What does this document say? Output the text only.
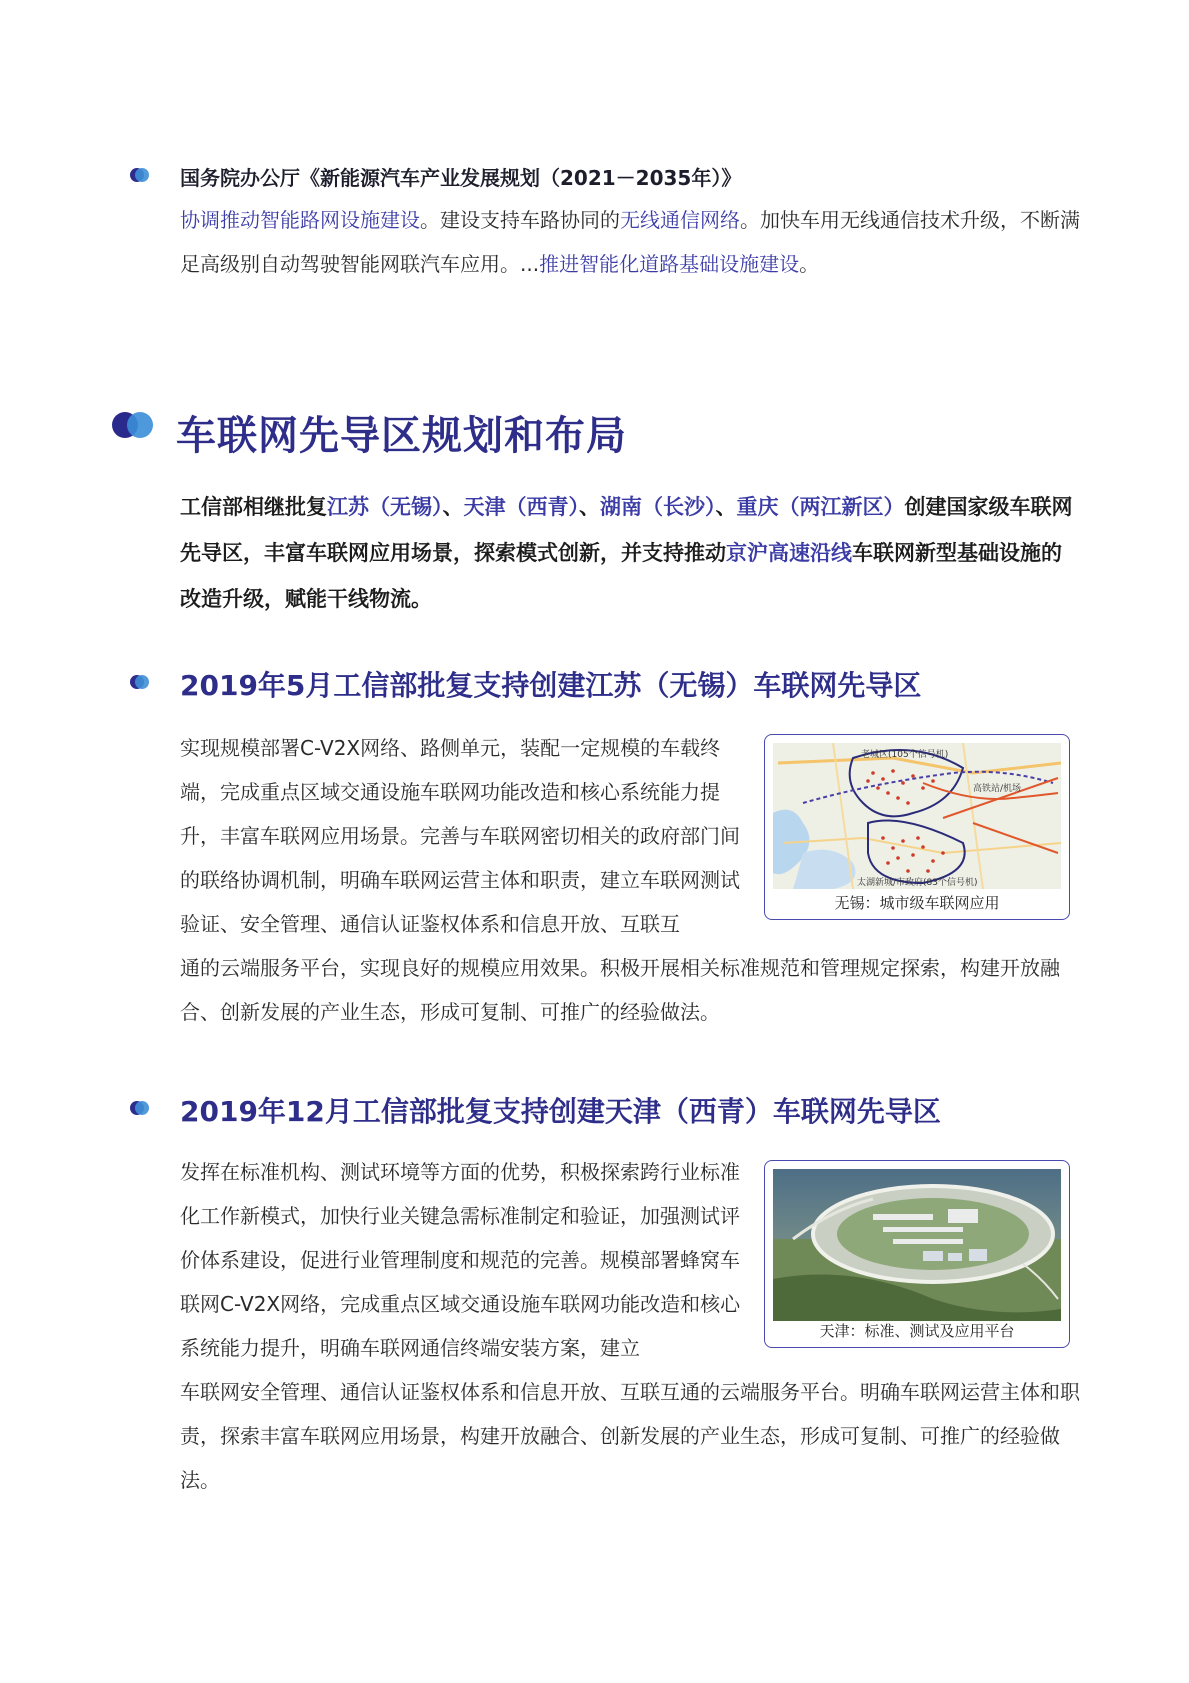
国务院办公厅《新能源汽车产业发展规划（2021－2035年）》
协调推动智能路网设施建设。建设支持车路协同的无线通信网络。加快车用无线通信技术升级，不断满足高级别自动驾驶智能网联汽车应用。...推进智能化道路基础设施建设。
车联网先导区规划和布局
工信部相继批复江苏（无锡）、天津（西青）、湖南（长沙）、重庆（两江新区）创建国家级车联网先导区，丰富车联网应用场景，探索模式创新，并支持推动京沪高速沿线车联网新型基础设施的改造升级，赋能干线物流。
2019年5月工信部批复支持创建江苏（无锡）车联网先导区
实现规模部署C-V2X网络、路侧单元，装配一定规模的车载终端，完成重点区域交通设施车联网功能改造和核心系统能力提升，丰富车联网应用场景。完善与车联网密切相关的政府部门间的联络协调机制，明确车联网运营主体和职责，建立车联网测试验证、安全管理、通信认证鉴权体系和信息开放、互联互
通的云端服务平台，实现良好的规模应用效果。积极开展相关标准规范和管理规定探索，构建开放融合、创新发展的产业生态，形成可复制、可推广的经验做法。
老城区(105个信号机)
高铁站/机场
太湖新城/市政府(83个信号机)
无锡：城市级车联网应用
2019年12月工信部批复支持创建天津（西青）车联网先导区
发挥在标准机构、测试环境等方面的优势，积极探索跨行业标准化工作新模式，加快行业关键急需标准制定和验证，加强测试评价体系建设，促进行业管理制度和规范的完善。规模部署蜂窝车联网C-V2X网络，完成重点区域交通设施车联网功能改造和核心系统能力提升，明确车联网通信终端安装方案，建立
车联网安全管理、通信认证鉴权体系和信息开放、互联互通的云端服务平台。明确车联网运营主体和职责，探索丰富车联网应用场景，构建开放融合、创新发展的产业生态，形成可复制、可推广的经验做法。
天津：标准、测试及应用平台
